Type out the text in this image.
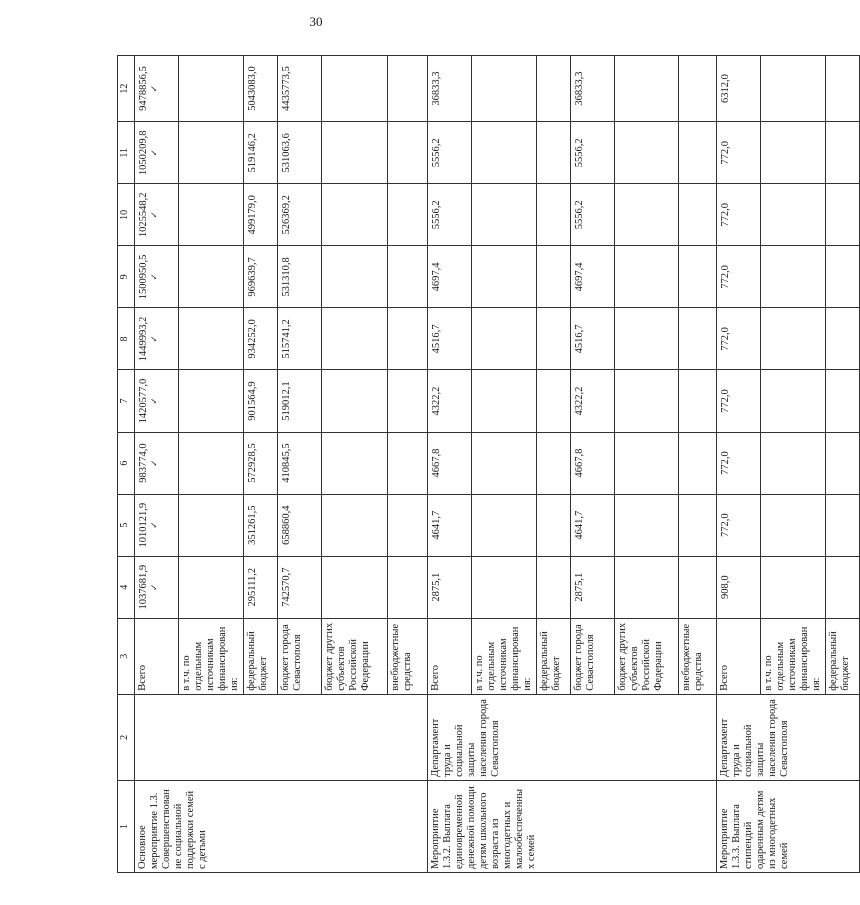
30
1	2	3	4	5	6	7	8	9	10	11	12
Основное мероприятие 1.3. Совершенствование социальной поддержки семей с детьми		Всего	1037681,9 ✓	1010121,9 ✓	983774,0 ✓	1420577,0 ✓	1449993,2 ✓	1500950,5 ✓	1025548,2 ✓	1050209,8 ✓	9478856,5 ✓

		в т.ч. по отдельным источникам финансирования:									
		федеральный бюджет	295111,2	351261,5	572928,5	901564,9	934252,0	969639,7	499179,0	519146,2	5043083,0
		бюджет города Севастополя	742570,7	658860,4	410845,5	519012,1	515741,2	531310,8	526369,2	531063,6	4435773,5
		бюджет других субъектов Российской Федерации									
		внебюджетные средства									
Мероприятие 1.3.2. Выплата единовременной денежной помощи детям школьного возраста из многодетных и малообеспеченных семей	Департамент труда и социальной защиты населения города Севастополя	Всего	2875,1	4641,7	4667,8	4322,2	4516,7	4697,4	5556,2	5556,2	36833,3
		в т.ч. по отдельным источникам финансирования:									
		федеральный бюджет									
		бюджет города Севастополя	2875,1	4641,7	4667,8	4322,2	4516,7	4697,4	5556,2	5556,2	36833,3
		бюджет других субъектов Российской Федерации									
		внебюджетные средства									
Мероприятие 1.3.3. Выплата стипендий одаренным детям из многодетных семей	Департамент труда и социальной защиты населения города Севастополя	Всего	908,0	772,0	772,0	772,0	772,0	772,0	772,0	772,0	6312,0
		в т.ч. по отдельным источникам финансирования:									
		федеральный бюджет									
